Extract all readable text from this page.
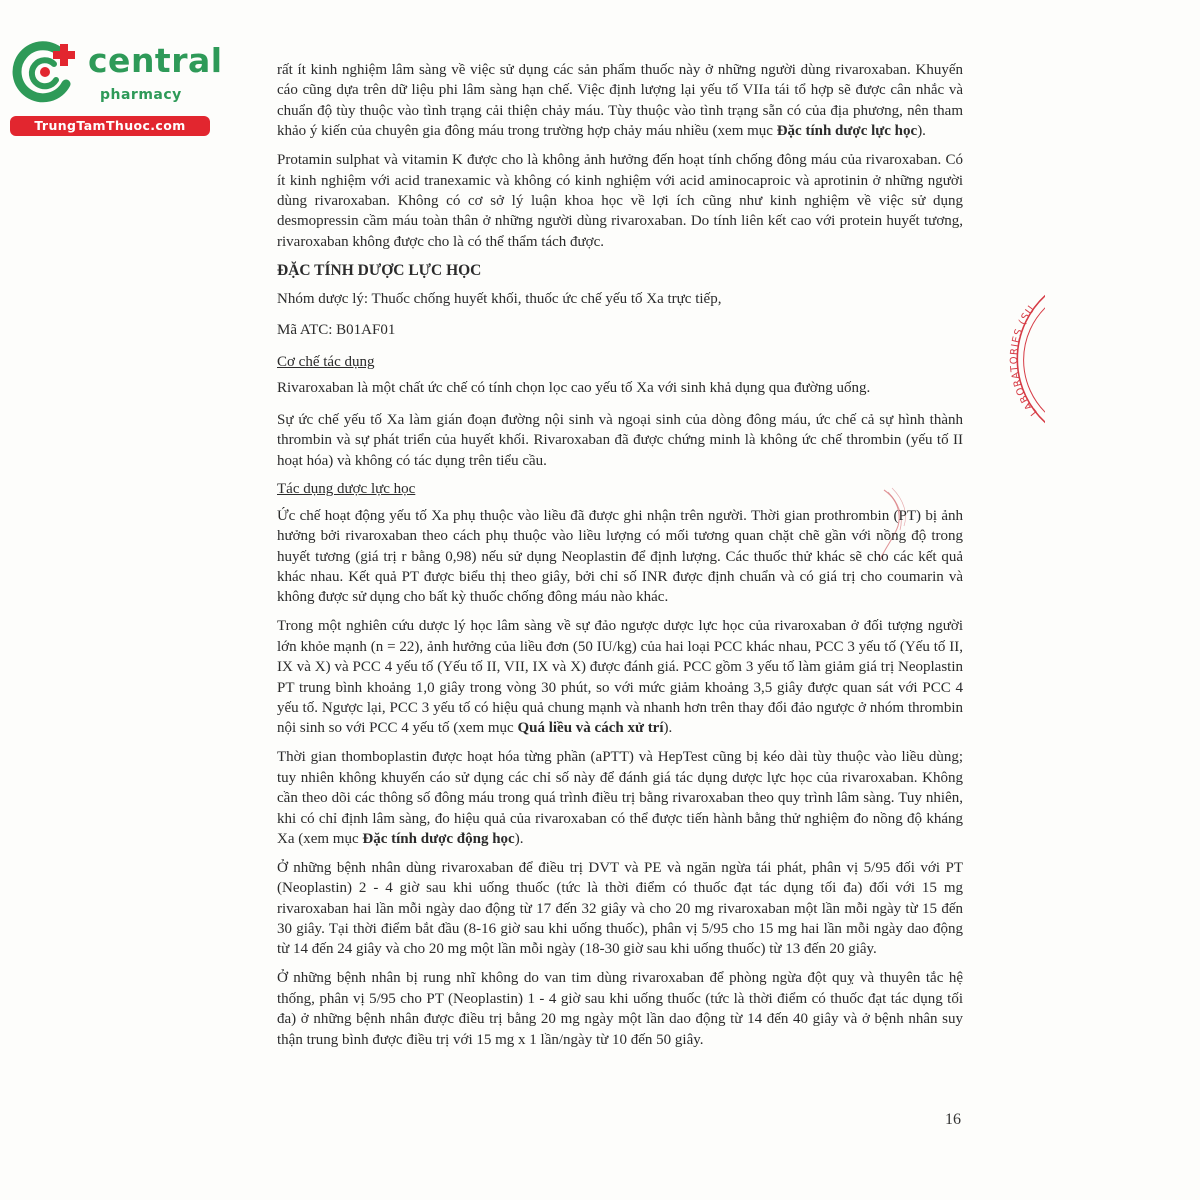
central
pharmacy
TrungTamThuoc.com
LABORATORIES (SU

rất ít kinh nghiệm lâm sàng về việc sử dụng các sản phẩm thuốc này ở những người dùng rivaroxaban. Khuyến cáo cũng dựa trên dữ liệu phi lâm sàng hạn chế. Việc định lượng lại yếu tố VIIa tái tổ hợp sẽ được cân nhắc và chuẩn độ tùy thuộc vào tình trạng cải thiện chảy máu. Tùy thuộc vào tình trạng sẵn có của địa phương, nên tham khảo ý kiến của chuyên gia đông máu trong trường hợp chảy máu nhiều (xem mục Đặc tính dược lực học).

Protamin sulphat và vitamin K được cho là không ảnh hưởng đến hoạt tính chống đông máu của rivaroxaban. Có ít kinh nghiệm với acid tranexamic và không có kinh nghiệm với acid aminocaproic và aprotinin ở những người dùng rivaroxaban. Không có cơ sở lý luận khoa học về lợi ích cũng như kinh nghiệm về việc sử dụng desmopressin cầm máu toàn thân ở những người dùng rivaroxaban. Do tính liên kết cao với protein huyết tương, rivaroxaban không được cho là có thể thẩm tách được.

ĐẶC TÍNH DƯỢC LỰC HỌC

Nhóm dược lý: Thuốc chống huyết khối, thuốc ức chế yếu tố Xa trực tiếp,

Mã ATC: B01AF01

Cơ chế tác dụng

Rivaroxaban là một chất ức chế có tính chọn lọc cao yếu tố Xa với sinh khả dụng qua đường uống.

Sự ức chế yếu tố Xa làm gián đoạn đường nội sinh và ngoại sinh của dòng đông máu, ức chế cả sự hình thành thrombin và sự phát triển của huyết khối. Rivaroxaban đã được chứng minh là không ức chế thrombin (yếu tố II hoạt hóa) và không có tác dụng trên tiểu cầu.

Tác dụng dược lực học

Ức chế hoạt động yếu tố Xa phụ thuộc vào liều đã được ghi nhận trên người. Thời gian prothrombin (PT) bị ảnh hưởng bởi rivaroxaban theo cách phụ thuộc vào liều lượng có mối tương quan chặt chẽ gần với nồng độ trong huyết tương (giá trị r bằng 0,98) nếu sử dụng Neoplastin để định lượng. Các thuốc thử khác sẽ cho các kết quả khác nhau. Kết quả PT được biểu thị theo giây, bởi chỉ số INR được định chuẩn và có giá trị cho coumarin và không được sử dụng cho bất kỳ thuốc chống đông máu nào khác.

Trong một nghiên cứu dược lý học lâm sàng về sự đảo ngược dược lực học của rivaroxaban ở đối tượng người lớn khỏe mạnh (n = 22), ảnh hưởng của liều đơn (50 IU/kg) của hai loại PCC khác nhau, PCC 3 yếu tố (Yếu tố II, IX và X) và PCC 4 yếu tố (Yếu tố II, VII, IX và X) được đánh giá. PCC gồm 3 yếu tố làm giảm giá trị Neoplastin PT trung bình khoảng 1,0 giây trong vòng 30 phút, so với mức giảm khoảng 3,5 giây được quan sát với PCC 4 yếu tố. Ngược lại, PCC 3 yếu tố có hiệu quả chung mạnh và nhanh hơn trên thay đổi đảo ngược ở nhóm thrombin nội sinh so với PCC 4 yếu tố (xem mục Quá liều và cách xử trí).

Thời gian thomboplastin được hoạt hóa từng phần (aPTT) và HepTest cũng bị kéo dài tùy thuộc vào liều dùng; tuy nhiên không khuyến cáo sử dụng các chỉ số này để đánh giá tác dụng dược lực học của rivaroxaban. Không cần theo dõi các thông số đông máu trong quá trình điều trị bằng rivaroxaban theo quy trình lâm sàng. Tuy nhiên, khi có chỉ định lâm sàng, đo hiệu quả của rivaroxaban có thể được tiến hành bằng thử nghiệm đo nồng độ kháng Xa (xem mục Đặc tính dược động học).

Ở những bệnh nhân dùng rivaroxaban để điều trị DVT và PE và ngăn ngừa tái phát, phân vị 5/95 đối với PT (Neoplastin) 2 - 4 giờ sau khi uống thuốc (tức là thời điểm có thuốc đạt tác dụng tối đa) đối với 15 mg rivaroxaban hai lần mỗi ngày dao động từ 17 đến 32 giây và cho 20 mg rivaroxaban một lần mỗi ngày từ 15 đến 30 giây. Tại thời điểm bắt đầu (8-16 giờ sau khi uống thuốc), phân vị 5/95 cho 15 mg hai lần mỗi ngày dao động từ 14 đến 24 giây và cho 20 mg một lần mỗi ngày (18-30 giờ sau khi uống thuốc) từ 13 đến 20 giây.

Ở những bệnh nhân bị rung nhĩ không do van tim dùng rivaroxaban để phòng ngừa đột quỵ và thuyên tắc hệ thống, phân vị 5/95 cho PT (Neoplastin) 1 - 4 giờ sau khi uống thuốc (tức là thời điểm có thuốc đạt tác dụng tối đa) ở những bệnh nhân được điều trị bằng 20 mg ngày một lần dao động từ 14 đến 40 giây và ở bệnh nhân suy thận trung bình được điều trị với 15 mg x 1 lần/ngày từ 10 đến 50 giây.

16
